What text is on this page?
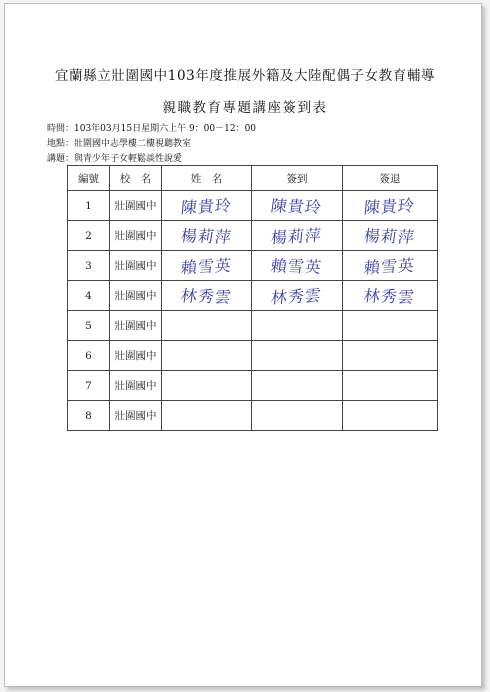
宜蘭縣立壯圍國中103年度推展外籍及大陸配偶子女教育輔導
親職教育專題講座簽到表
時間：103年03月15日星期六上午 9：00－12：00
地點：壯圍國中志學樓二樓視聽教室
講題：與青少年子女輕鬆談性說愛
編號	校　名	姓　名	簽到	簽退
1	壯圍國中	陳貴玲	陳貴玲	陳貴玲
2	壯圍國中	楊莉萍	楊莉萍	楊莉萍
3	壯圍國中	賴雪英	賴雪英	賴雪英
4	壯圍國中	林秀雲	林秀雲	林秀雲
5	壯圍國中			
6	壯圍國中			
7	壯圍國中			
8	壯圍國中			
